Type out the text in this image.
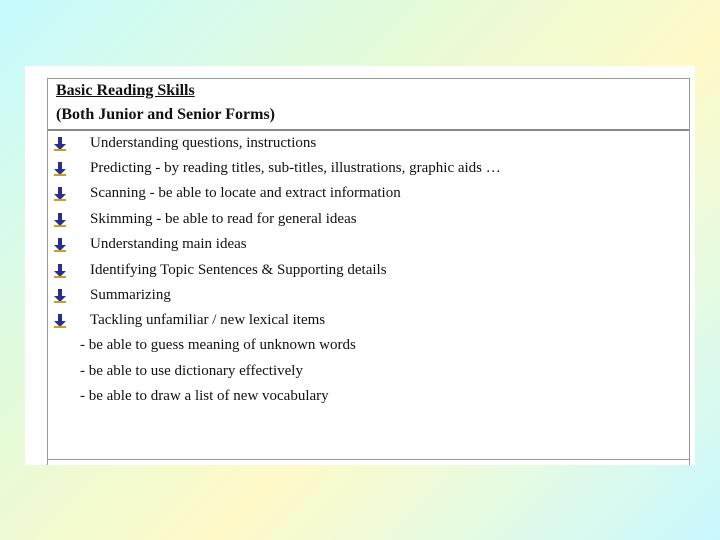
Basic Reading Skills
(Both Junior and Senior Forms)
Understanding questions, instructions
Predicting - by reading titles, sub-titles, illustrations, graphic aids …
Scanning - be able to locate and extract information
Skimming - be able to read for general ideas
Understanding main ideas
Identifying Topic Sentences & Supporting details
Summarizing
Tackling unfamiliar / new lexical items
- be able to guess meaning of unknown words
- be able to use dictionary effectively
- be able to draw a list of new vocabulary
